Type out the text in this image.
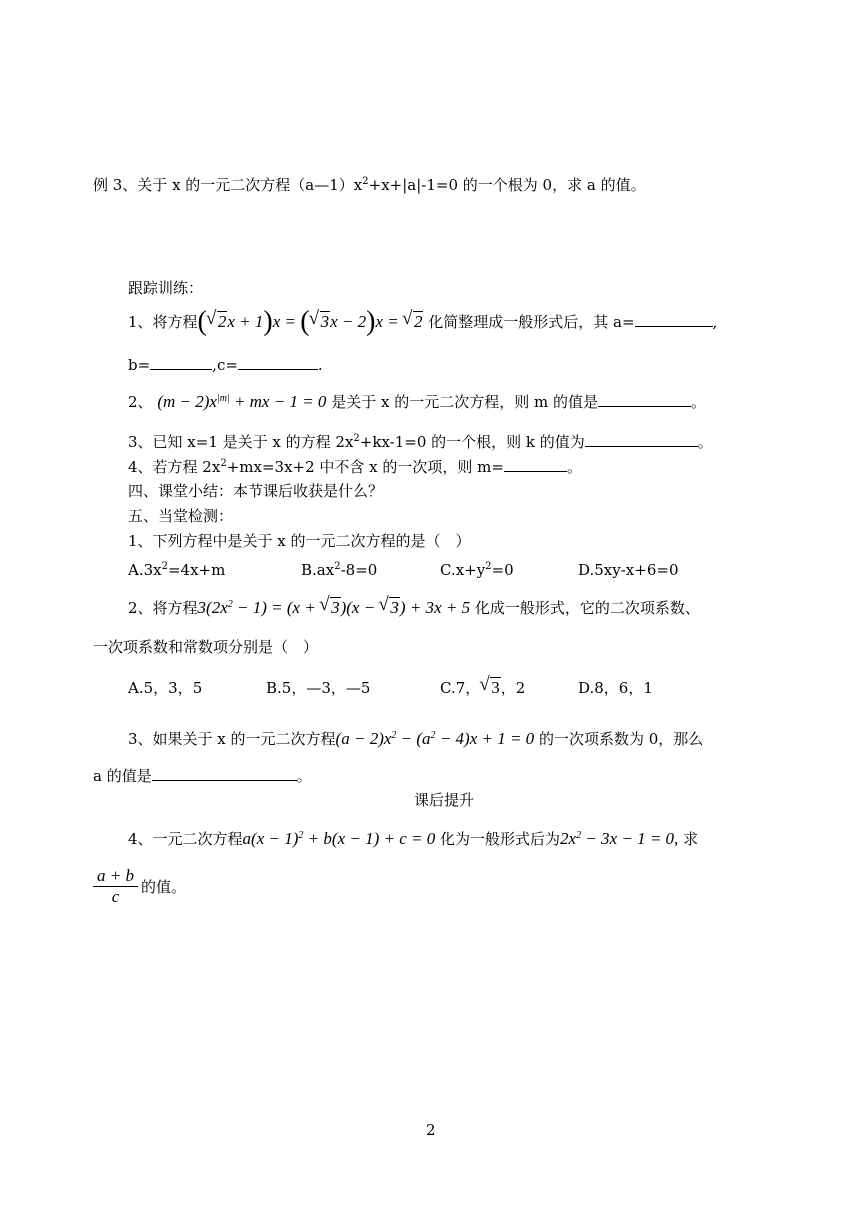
例 3、关于 x 的一元二次方程$(a—1)x^2+x+|a|-1=0$ 的一个根为 0，求 a 的值。
跟踪训练：
1、将方程( √ 2x + 1)x = ( √ 3x − 2)x = √ 2 化简整理成一般形式后，其 a=	,
b=	,c=	.
2、 $(m - 2)x^{|m|}$ + mx − 1 = 0 是关于 x 的一元二次方程，则 m 的值是	。
3、已知 x=1 是关于 x 的方程 $2x^2+kx-1=0$ 的一个根，则 k 的值为	。
4、若方程 $2x^2+mx=3x+2$ 中不含 x 的一次项，则 m=	。
四、课堂小结：本节课后收获是什么？
五、当堂检测：
1、下列方程中是关于 x 的一元二次方程的是（　）
$A.3x^2=4x+m$	$B.ax^2-8=0$	$C.x+y^2=0$	D.5xy-x+6=0
2、将方程$3(2x^2 - 1) = (x$ + √ 3)(x − √ 3) + 3x + 5 化成一般形式，它的二次项系数、
一次项系数和常数项分别是（　）
A.5，3，5	B.5，—3，—5	C.7， √ 3，2	D.8，6，1
3、如果关于 x 的一元二次方程$(a - 2)x^2 - (a^2 - 4)x + 1 = 0$ 的一次项系数为 0，那么
a 的值是	。
课后提升
4、一元二次方程$a(x - 1)^2 + b(x - 1) + c = 0$ 化为一般形式后为$2x^2 - 3x - 1 = 0$, 求
$\frac{a + b}{c}$ 的值。
2
